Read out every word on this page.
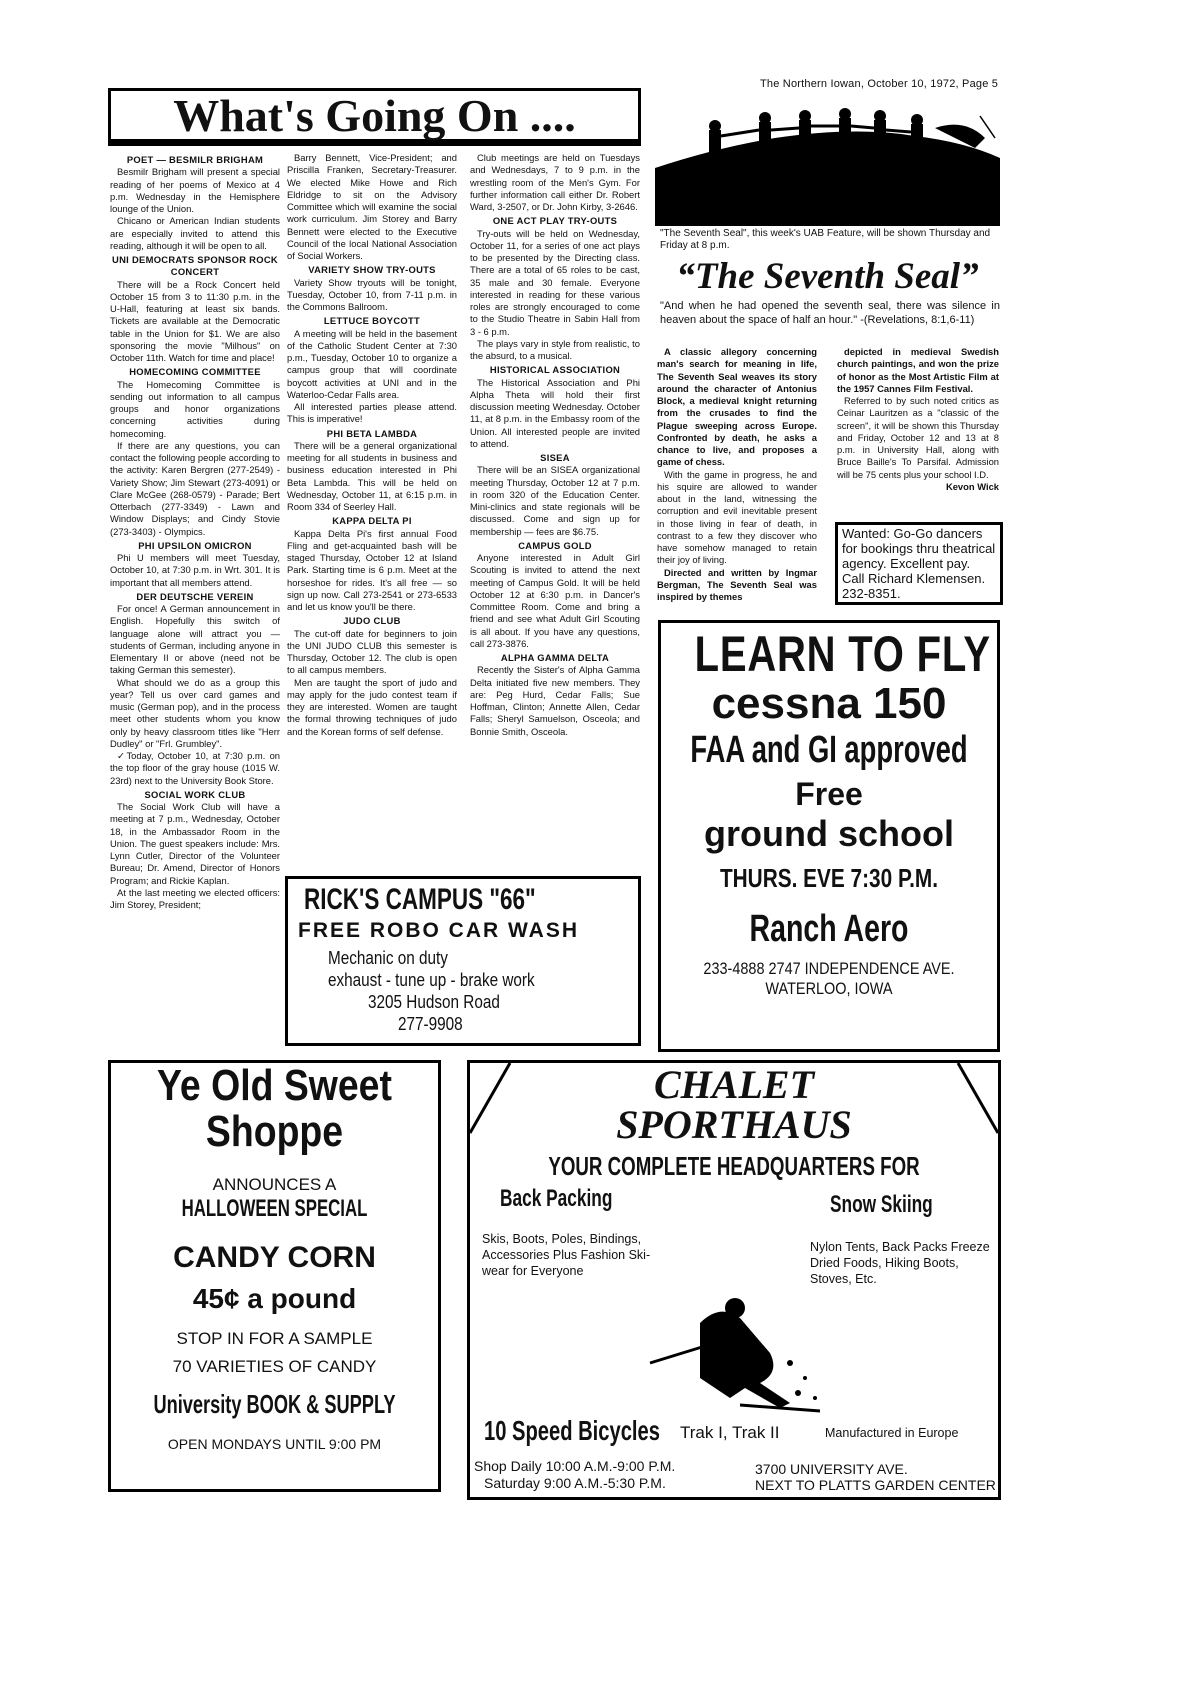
The Northern Iowan, October 10, 1972, Page 5
What's Going On ....
POET — BESMILR BRIGHAM

Besmilr Brigham will present a special reading of her poems of Mexico at 4 p.m. Wednesday in the Hemisphere lounge of the Union.

Chicano or American Indian students are especially invited to attend this reading, although it will be open to all.

UNI DEMOCRATS SPONSOR ROCK CONCERT

There will be a Rock Concert held October 15 from 3 to 11:30 p.m. in the U-Hall, featuring at least six bands. Tickets are available at the Democratic table in the Union for $1. We are also sponsoring the movie "Milhous" on October 11th. Watch for time and place!

HOMECOMING COMMITTEE

The Homecoming Committee is sending out information to all campus groups and honor organizations concerning activities during homecoming.

If there are any questions, you can contact the following people according to the activity: Karen Bergren (277-2549) - Variety Show; Jim Stewart (273-4091) or Clare McGee (268-0579) - Parade; Bert Otterbach (277-3349) - Lawn and Window Displays; and Cindy Stovie (273-3403) - Olympics.

PHI UPSILON OMICRON

Phi U members will meet Tuesday, October 10, at 7:30 p.m. in Wrt. 301. It is important that all members attend.

DER DEUTSCHE VEREIN

For once! A German announcement in English. Hopefully this switch of language alone will attract you — students of German, including anyone in Elementary II or above (need not be taking German this semester).

What should we do as a group this year? Tell us over card games and music (German pop), and in the process meet other students whom you know only by heavy classroom titles like "Herr Dudley" or "Frl. Grumbley".

✓Today, October 10, at 7:30 p.m. on the top floor of the gray house (1015 W. 23rd) next to the University Book Store.

SOCIAL WORK CLUB

The Social Work Club will have a meeting at 7 p.m., Wednesday, October 18, in the Ambassador Room in the Union. The guest speakers include: Mrs. Lynn Cutler, Director of the Volunteer Bureau; Dr. Amend, Director of Honors Program; and Rickie Kaplan.

At the last meeting we elected officers: Jim Storey, President;

Barry Bennett, Vice-President; and Priscilla Franken, Secretary-Treasurer. We elected Mike Howe and Rich Eldridge to sit on the Advisory Committee which will examine the social work curriculum. Jim Storey and Barry Bennett were elected to the Executive Council of the local National Association of Social Workers.

VARIETY SHOW TRY-OUTS

Variety Show tryouts will be tonight, Tuesday, October 10, from 7-11 p.m. in the Commons Ballroom.

LETTUCE BOYCOTT

A meeting will be held in the basement of the Catholic Student Center at 7:30 p.m., Tuesday, October 10 to organize a campus group that will coordinate boycott activities at UNI and in the Waterloo-Cedar Falls area.

All interested parties please attend. This is imperative!

PHI BETA LAMBDA

There will be a general organizational meeting for all students in business and business education interested in Phi Beta Lambda. This will be held on Wednesday, October 11, at 6:15 p.m. in Room 334 of Seerley Hall.

KAPPA DELTA PI

Kappa Delta Pi's first annual Food Fling and get-acquainted bash will be staged Thursday, October 12 at Island Park. Starting time is 6 p.m. Meet at the horseshoe for rides. It's all free — so sign up now. Call 273-2541 or 273-6533 and let us know you'll be there.

JUDO CLUB

The cut-off date for beginners to join the UNI JUDO CLUB this semester is Thursday, October 12. The club is open to all campus members.

Men are taught the sport of judo and may apply for the judo contest team if they are interested. Women are taught the formal throwing techniques of judo and the Korean forms of self defense.

Club meetings are held on Tuesdays and Wednesdays, 7 to 9 p.m. in the wrestling room of the Men's Gym. For further information call either Dr. Robert Ward, 3-2507, or Dr. John Kirby, 3-2646.

ONE ACT PLAY TRY-OUTS

Try-outs will be held on Wednesday, October 11, for a series of one act plays to be presented by the Directing class. There are a total of 65 roles to be cast, 35 male and 30 female. Everyone interested in reading for these various roles are strongly encouraged to come to the Studio Theatre in Sabin Hall from 3 - 6 p.m.

The plays vary in style from realistic, to the absurd, to a musical.

HISTORICAL ASSOCIATION

The Historical Association and Phi Alpha Theta will hold their first discussion meeting Wednesday. October 11, at 8 p.m. in the Embassy room of the Union. All interested people are invited to attend.

SISEA

There will be an SISEA organizational meeting Thursday, October 12 at 7 p.m. in room 320 of the Education Center. Mini-clinics and state regionals will be discussed. Come and sign up for membership — fees are $6.75.

CAMPUS GOLD

Anyone interested in Adult Girl Scouting is invited to attend the next meeting of Campus Gold. It will be held October 12 at 6:30 p.m. in Dancer's Committee Room. Come and bring a friend and see what Adult Girl Scouting is all about. If you have any questions, call 273-3876.

ALPHA GAMMA DELTA

Recently the Sister's of Alpha Gamma Delta initiated five new members. They are: Peg Hurd, Cedar Falls; Sue Hoffman, Clinton; Annette Allen, Cedar Falls; Sheryl Samuelson, Osceola; and Bonnie Smith, Osceola.

"The Seventh Seal", this week's UAB Feature, will be shown Thursday and Friday at 8 p.m.
“The Seventh Seal”
"And when he had opened the seventh seal, there was silence in heaven about the space of half an hour." -(Revelations, 8:1,6-11)

A classic allegory concerning man's search for meaning in life, The Seventh Seal weaves its story around the character of Antonius Block, a medieval knight returning from the crusades to find the Plague sweeping across Europe. Confronted by death, he asks a chance to live, and proposes a game of chess.

With the game in progress, he and his squire are allowed to wander about in the land, witnessing the corruption and evil inevitable present in those living in fear of death, in contrast to a few they discover who have somehow managed to retain their joy of living.

Directed and written by Ingmar Bergman, The Seventh Seal was inspired by themes

depicted in medieval Swedish church paintings, and won the prize of honor as the Most Artistic Film at the 1957 Cannes Film Festival.

Referred to by such noted critics as Ceinar Lauritzen as a "classic of the screen", it will be shown this Thursday and Friday, October 12 and 13 at 8 p.m. in University Hall, along with Bruce Baille's To Parsifal. Admission will be 75 cents plus your school I.D.

Kevon Wick
Wanted: Go-Go dancers for bookings thru theatrical agency. Excellent pay. Call Richard Klemensen. 232-8351.
LEARN TO FLY
cessna 150
FAA and GI approved
Free
ground school
THURS. EVE 7:30 P.M.
Ranch Aero
233-4888 2747 INDEPENDENCE AVE.
WATERLOO, IOWA
RICK'S CAMPUS "66"
FREE ROBO CAR WASH
Mechanic on duty
exhaust - tune up - brake work
3205 Hudson Road
277-9908
Ye Old Sweet
Shoppe
ANNOUNCES A
HALLOWEEN SPECIAL
CANDY CORN
45¢ a pound
STOP IN FOR A SAMPLE
70 VARIETIES OF CANDY
University BOOK & SUPPLY
OPEN MONDAYS UNTIL 9:00 PM
CHALET
SPORTHAUS
YOUR COMPLETE HEADQUARTERS FOR
Back Packing	Snow Skiing
Skis, Boots, Poles, Bindings, Accessories Plus Fashion Ski-wear for Everyone
Nylon Tents, Back Packs Freeze Dried Foods, Hiking Boots, Stoves, Etc.
10 Speed Bicycles Trak I, Trak II	Manufactured in Europe
Shop Daily 10:00 A.M.-9:00 P.M.
Saturday 9:00 A.M.-5:30 P.M.
3700 UNIVERSITY AVE.
NEXT TO PLATTS GARDEN CENTER
